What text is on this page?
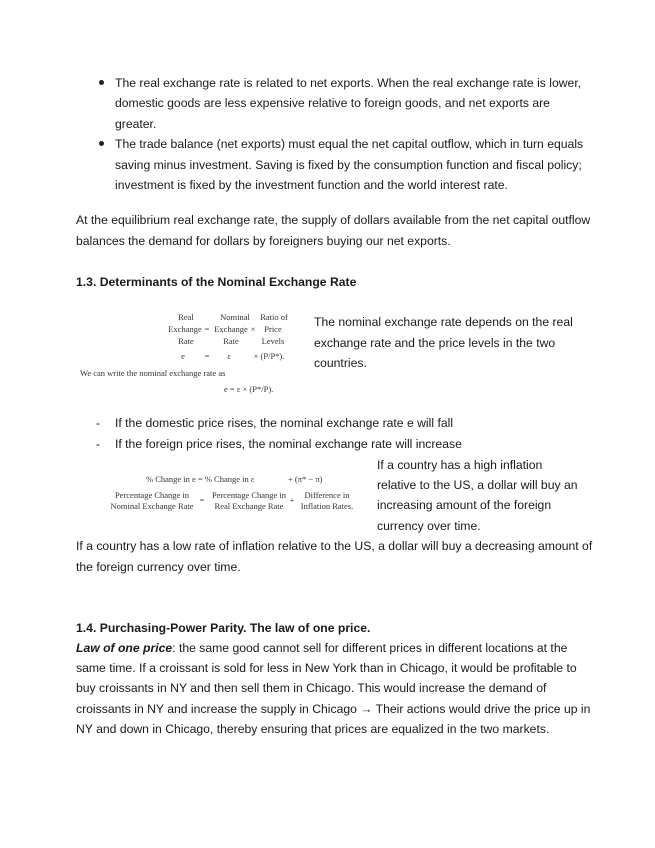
The real exchange rate is related to net exports. When the real exchange rate is lower,
domestic goods are less expensive relative to foreign goods, and net exports are
greater.
The trade balance (net exports) must equal the net capital outflow, which in turn equals
saving minus investment. Saving is fixed by the consumption function and fiscal policy;
investment is fixed by the investment function and the world interest rate.
At the equilibrium real exchange rate, the supply of dollars available from the net capital outflow
balances the demand for dollars by foreigners buying our net exports.
1.3. Determinants of the Nominal Exchange Rate
Real	Nominal	Ratio of
Exchange = Exchange ×	Price
Rate	Rate	Levels
e	=	ε	× (P/P*).
We can write the nominal exchange rate as
e = ε × (P*/P).
The nominal exchange rate depends on the real
exchange rate and the price levels in the two
countries.
- If the domestic price rises, the nominal exchange rate e will fall
- If the foreign price rises, the nominal exchange rate will increase
% Change in e = % Change in ε	+ (π* − π)
Percentage Change in
Nominal Exchange Rate
= Percentage Change in
Real Exchange Rate
+	Difference in
Inflation Rates.
If a country has a high inflation
relative to the US, a dollar will buy an
increasing amount of the foreign
currency over time.
If a country has a low rate of inflation relative to the US, a dollar will buy a decreasing amount of
the foreign currency over time.
1.4. Purchasing-Power Parity. The law of one price.
Law of one price: the same good cannot sell for different prices in different locations at the
same time. If a croissant is sold for less in New York than in Chicago, it would be profitable to
buy croissants in NY and then sell them in Chicago. This would increase the demand of
croissants in NY and increase the supply in Chicago → Their actions would drive the price up in
NY and down in Chicago, thereby ensuring that prices are equalized in the two markets.
